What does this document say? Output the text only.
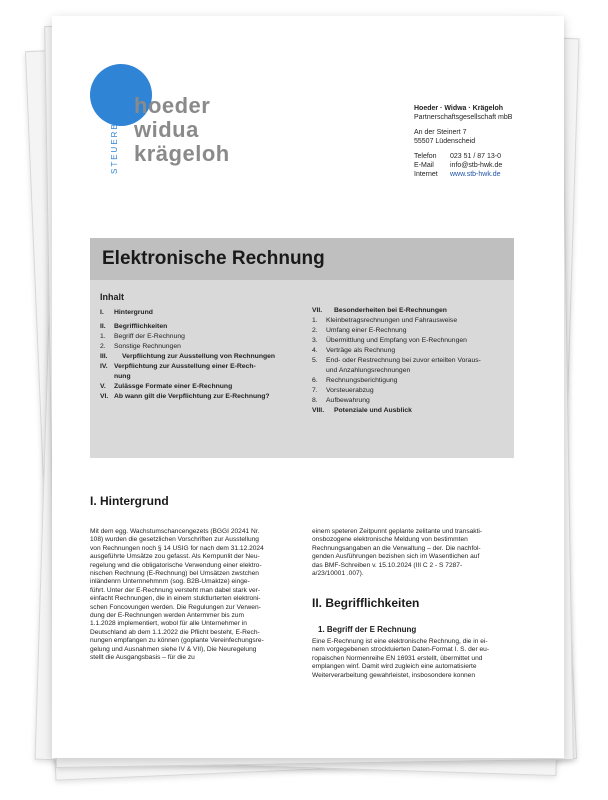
STEUERBÜRO hoeder
widua
krägeloh
Hoeder · Widwa · Krägeloh
Partnerschaftsgesellschaft mbB
An der Steinert 7
55507 Lüdenscheid
Telefon	023 51 / 87 13-0
E-Mail	info@stb-hwk.de
Internet	www.stb-hwk.de
Elektronische Rechnung
Inhalt
I.	Hintergrund
II.	Begrifflichkeiten
1.	Begriff der E-Rechnung
2.	Sonstige Rechnungen
III.	Verpflichtung zur Ausstellung von Rechnungen
IV. Verpflichtung zur Ausstellung einer E-Rech-
nung
V.	Zulässge Formate einer E-Rechnung
VI. Ab wann gilt die Verpflichtung zur E-Rechnung?
VII.	Besonderheiten bei E-Rechnungen
1.	Kleinbetragsrechnungen und Fahrausweise
2.	Umfang einer E-Rechnung
3.	Übermittlung und Empfang von E-Rechnungen
4.	Verträge als Rechnung
5.	End- oder Restrechnung bei zuvor erteilten Voraus-
und Anzahlungsrechnungen
6.	Rechnungsberichtigung
7.	Vorsteuerabzug
8.	Aufbewahrung
VIII.	Potenziale und Ausblick
I. Hintergrund
Mit dem egg. Wachstumschancengezets (BGGI 20241 Nr.
108) wurden die gesetzlichen Vorschriften zur Ausstellung
von Rechnungen noch § 14 USIG for nach dem 31.12.2024
ausgeführte Umsätze zou gefasst. Als Kernpunlit der Neu-
regelung wnd die obligatorische Verwendung einer elektro-
nischen Rechnung (E-Rechnung) bel Umsätzen zwstchen
inländenrn Unternnehmnrn (sog. B2B-Umaktze) einge-
führt. Unter der E-Rechnung versteht man dabel stark ver-
einfacht Rechnungen, die in einem stuktlurterten elektroni-
schen Foncovungen werden. Die Regulungen zur Verwen-
dung der E-Rechnungen werden Antermmer bis zum
1.1.2028 implementiert, wobol für alle Unternehmer in
Deutschland ab dem 1.1.2022 die Pflicht besteht, E-Rech-
nungen empfangen zu können (goplante Vereinfechungsre-
gelung und Ausnahmen siehe IV & VII), Die Neuregelung
stellt die Ausgangsbasis – für die zu
einem speteren Zeitpunnt geplante zelitante und transakti-
onsbozogene elektronische Meldung von bestimmten
Rechnungsangaben an die Verwaltung – der. Die nachfol-
genden Ausführungen bezishen sich im Wasentlichen auf
das BMF-Schreiben v. 15.10.2024 (III C 2 - S 7287-
a/23/10001 .007).
II. Begrifflichkeiten
1. Begriff der E Rechnung
Eine E-Rechnung ist eine elektronische Rechnung, die in ei-
nem vorgegebenen strocktuierten Daten-Format I. S. der eu-
ropaischen Normenreihe EN 16931 erstellt, übermittet und
emplangen winf. Damit wird zugleich eine automatisierte
Weiterverarbeitung gewahrleistet, insbosondere konnen
